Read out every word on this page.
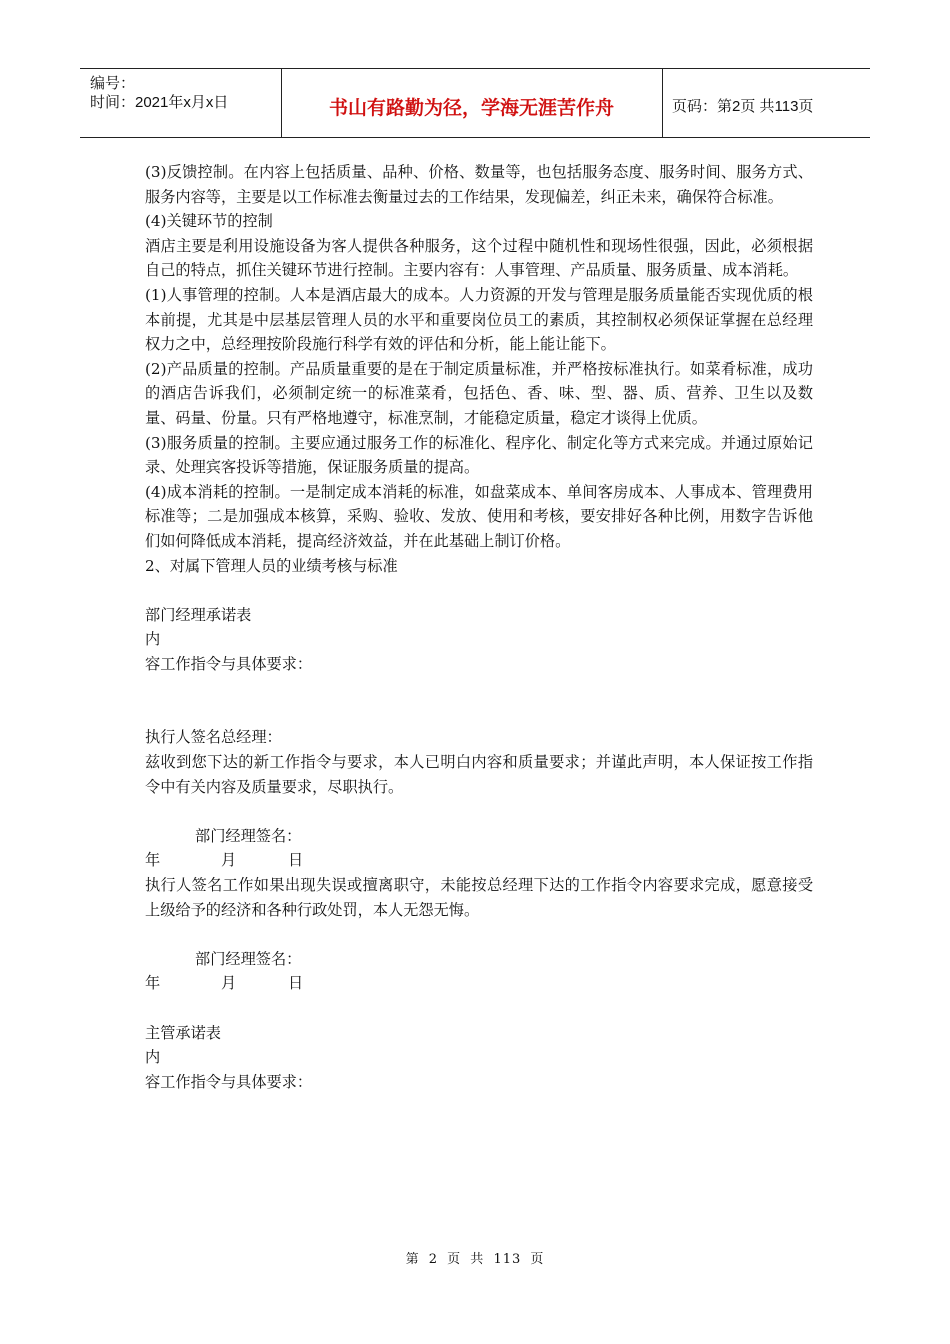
编号：
时间：2021年x月x日	书山有路勤为径，学海无涯苦作舟	页码：第2页 共113页

(3)反馈控制。在内容上包括质量、品种、价格、数量等，也包括服务态度、服务时间、服务方式、服务内容等，主要是以工作标准去衡量过去的工作结果，发现偏差，纠正未来，确保符合标准。

(4)关键环节的控制

酒店主要是利用设施设备为客人提供各种服务，这个过程中随机性和现场性很强，因此，必须根据自己的特点，抓住关键环节进行控制。主要内容有：人事管理、产品质量、服务质量、成本消耗。

(1)人事管理的控制。人本是酒店最大的成本。人力资源的开发与管理是服务质量能否实现优质的根本前提，尤其是中层基层管理人员的水平和重要岗位员工的素质，其控制权必须保证掌握在总经理权力之中，总经理按阶段施行科学有效的评估和分析，能上能让能下。

(2)产品质量的控制。产品质量重要的是在于制定质量标准，并严格按标准执行。如菜肴标准，成功的酒店告诉我们，必须制定统一的标准菜肴，包括色、香、味、型、器、质、营养、卫生以及数量、码量、份量。只有严格地遵守，标准烹制，才能稳定质量，稳定才谈得上优质。

(3)服务质量的控制。主要应通过服务工作的标准化、程序化、制定化等方式来完成。并通过原始记录、处理宾客投诉等措施，保证服务质量的提高。

(4)成本消耗的控制。一是制定成本消耗的标准，如盘菜成本、单间客房成本、人事成本、管理费用标准等；二是加强成本核算，采购、验收、发放、使用和考核，要安排好各种比例，用数字告诉他们如何降低成本消耗，提高经济效益，并在此基础上制订价格。

2、对属下管理人员的业绩考核与标准

部门经理承诺表

内

容工作指令与具体要求：

执行人签名总经理：

兹收到您下达的新工作指令与要求，本人已明白内容和质量要求；并谨此声明，本人保证按工作指令中有关内容及质量要求，尽职执行。

部门经理签名：

年	月	日

执行人签名工作如果出现失误或擅离职守，未能按总经理下达的工作指令内容要求完成，愿意接受上级给予的经济和各种行政处罚，本人无怨无悔。

部门经理签名：

年	月	日

主管承诺表

内

容工作指令与具体要求：

第 2 页 共 113 页
